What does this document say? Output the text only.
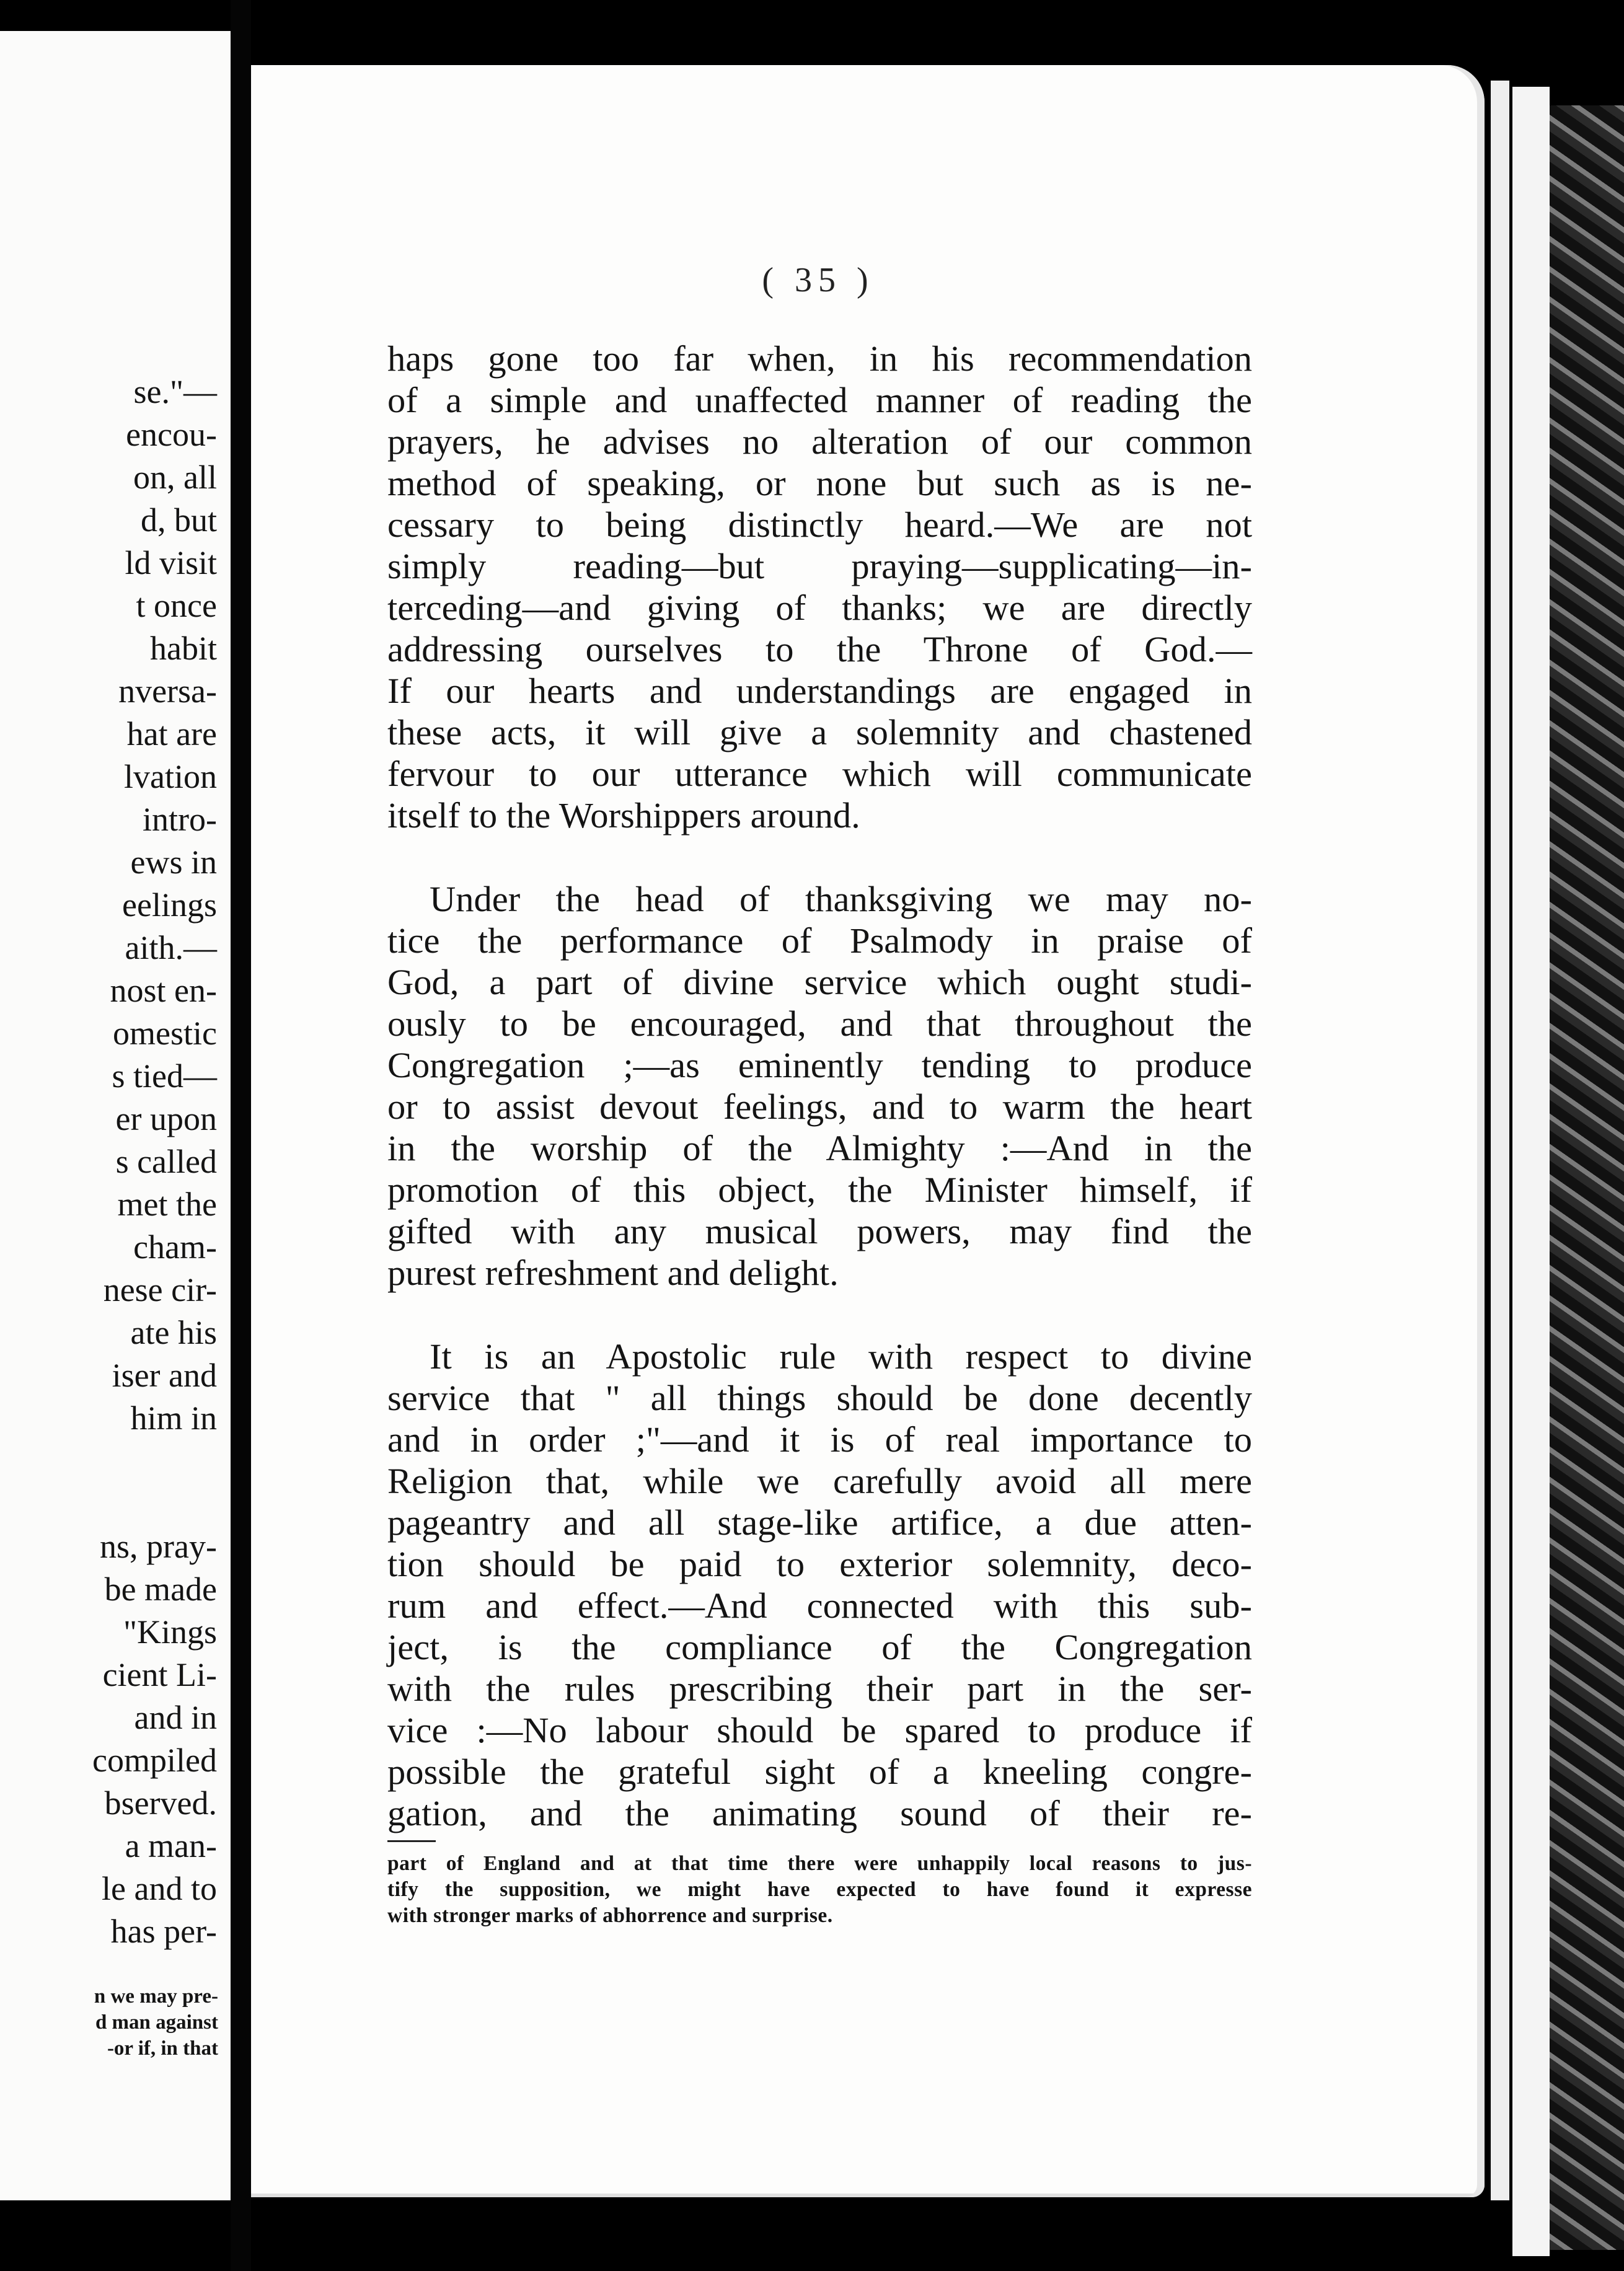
se."—
encou-
on, all
d, but
ld visit
t once
habit
nversa-
hat are
lvation
intro-
ews in
eelings
aith.—
nost en-
omestic
s tied—
er upon
s called
met the
cham-
nese cir-
ate his
iser and
him in
ns, pray-
be made
"Kings
cient Li-
and in
compiled
bserved.
a man-
le and to
has per-
n we may pre-
d man against
-or if, in that
( 35 )
haps gone too far when, in his recommendation
of a simple and unaffected manner of reading the
prayers, he advises no alteration of our common
method of speaking, or none but such as is ne-
cessary to being distinctly heard.—We are not
simply reading—but praying—supplicating—in-
terceding—and giving of thanks; we are directly
addressing ourselves to the Throne of God.—
If our hearts and understandings are engaged in
these acts, it will give a solemnity and chastened
fervour to our utterance which will communicate
itself to the Worshippers around.
Under the head of thanksgiving we may no-
tice the performance of Psalmody in praise of
God, a part of divine service which ought studi-
ously to be encouraged, and that throughout the
Congregation ;—as eminently tending to produce
or to assist devout feelings, and to warm the heart
in the worship of the Almighty :—And in the
promotion of this object, the Minister himself, if
gifted with any musical powers, may find the
purest refreshment and delight.
It is an Apostolic rule with respect to divine
service that " all things should be done decently
and in order ;"—and it is of real importance to
Religion that, while we carefully avoid all mere
pageantry and all stage-like artifice, a due atten-
tion should be paid to exterior solemnity, deco-
rum and effect.—And connected with this sub-
ject, is the compliance of the Congregation
with the rules prescribing their part in the ser-
vice :—No labour should be spared to produce if
possible the grateful sight of a kneeling congre-
gation, and the animating sound of their re-
part of England and at that time there were unhappily local reasons to jus-
tify the supposition, we might have expected to have found it expresse
with stronger marks of abhorrence and surprise.
